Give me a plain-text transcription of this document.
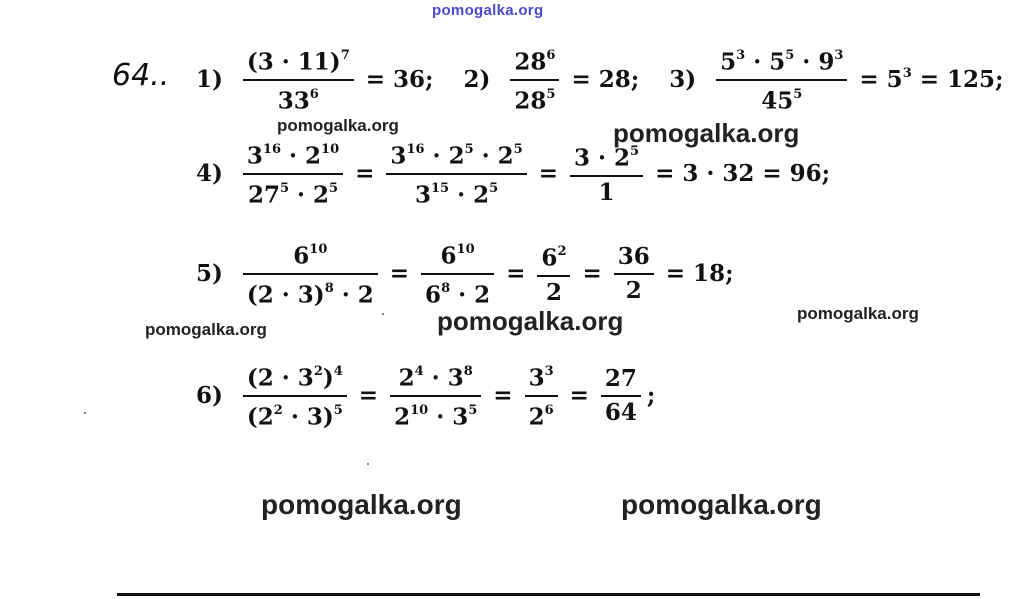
pomogalka.org
64.. $1) \frac{(3 \cdot 11)^7}{33^6} = 36$; $2) \frac{28^6}{28^5} = 28$; $3) \frac{5^3 \cdot 5^5 \cdot 9^3}{45^5} = 5^3 = 125$;
$4) \frac{3^{16} \cdot 2^{10}}{27^5 \cdot 2^5} = \frac{3^{16} \cdot 2^5 \cdot 2^5}{3^{15} \cdot 2^5} = \frac{3 \cdot 2^5}{1} = 3 \cdot 32 = 96$;
$5) \frac{6^{10}}{(2 \cdot 3)^8 \cdot 2} = \frac{6^{10}}{6^8 \cdot 2} = \frac{6^2}{2} = \frac{36}{2} = 18$;
$6) \frac{(2 \cdot 3^2)^4}{(2^2 \cdot 3)^5} = \frac{2^4 \cdot 3^8}{2^{10} \cdot 3^5} = \frac{3^3}{2^6} = \frac{27}{64}$ ;
pomogalka.org	pomogalka.org
pomogalka.org	pomogalka.org	pomogalka.org
pomogalka.org	pomogalka.org
